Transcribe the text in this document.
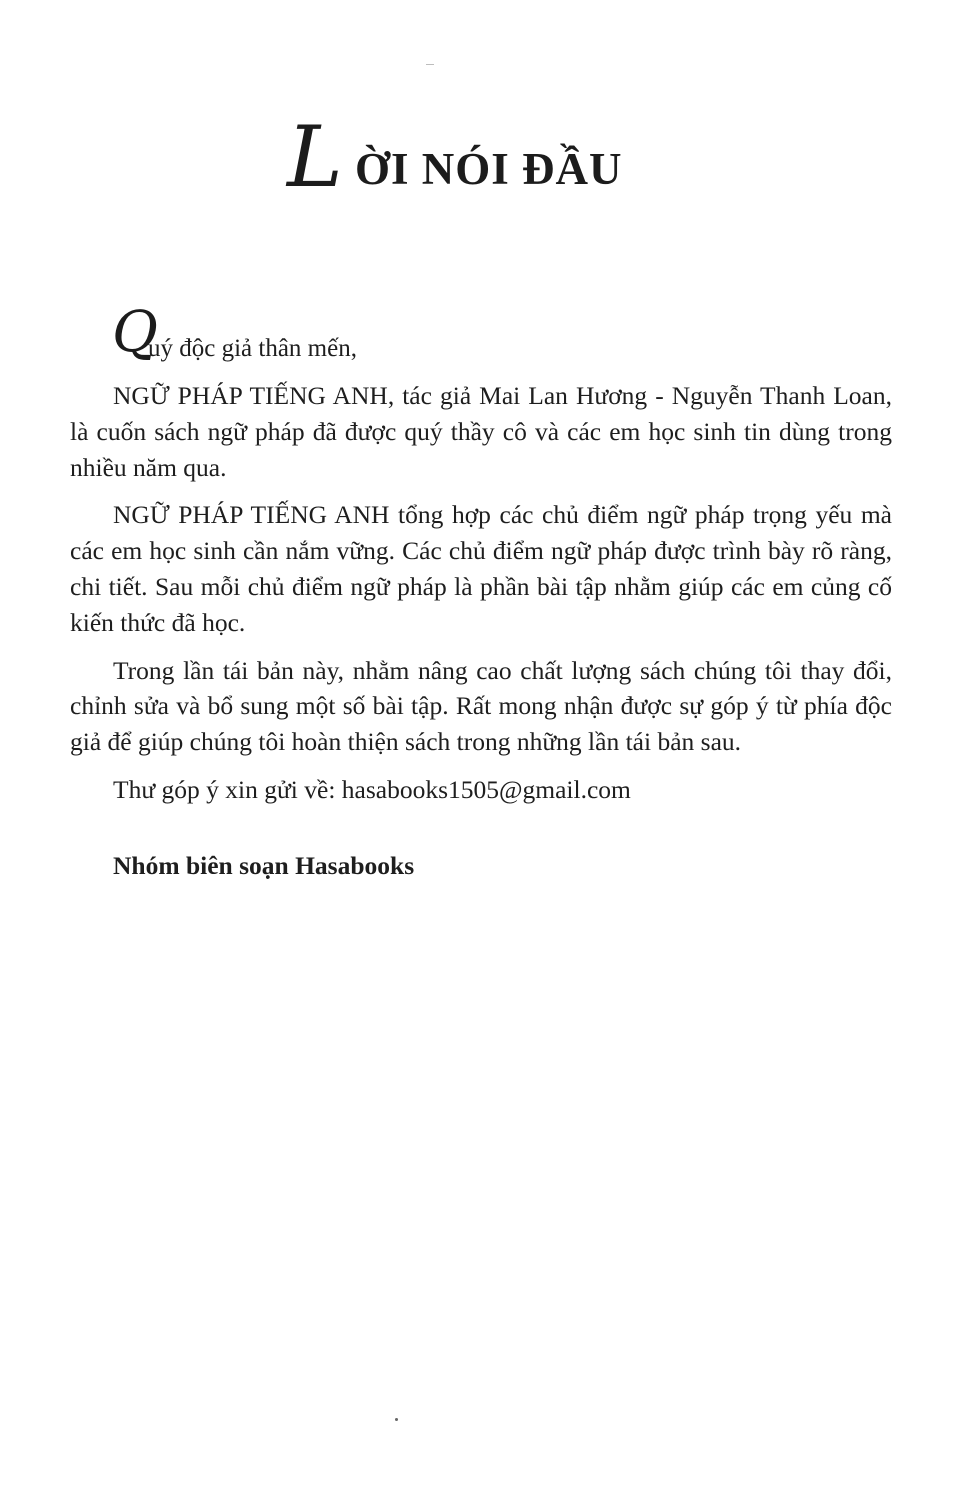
L ỜI NÓI ĐẦU
Q
uý độc giả thân mến,

NGỮ PHÁP TIẾNG ANH, tác giả Mai Lan Hương - Nguyễn Thanh Loan, là cuốn sách ngữ pháp đã được quý thầy cô và các em học sinh tin dùng trong nhiều năm qua.

NGỮ PHÁP TIẾNG ANH tổng hợp các chủ điểm ngữ pháp trọng yếu mà các em học sinh cần nắm vững. Các chủ điểm ngữ pháp được trình bày rõ ràng, chi tiết. Sau mỗi chủ điểm ngữ pháp là phần bài tập nhằm giúp các em củng cố kiến thức đã học.

Trong lần tái bản này, nhằm nâng cao chất lượng sách chúng tôi thay đổi, chỉnh sửa và bổ sung một số bài tập. Rất mong nhận được sự góp ý từ phía độc giả để giúp chúng tôi hoàn thiện sách trong những lần tái bản sau.

Thư góp ý xin gửi về: hasabooks1505@gmail.com

Nhóm biên soạn Hasabooks
